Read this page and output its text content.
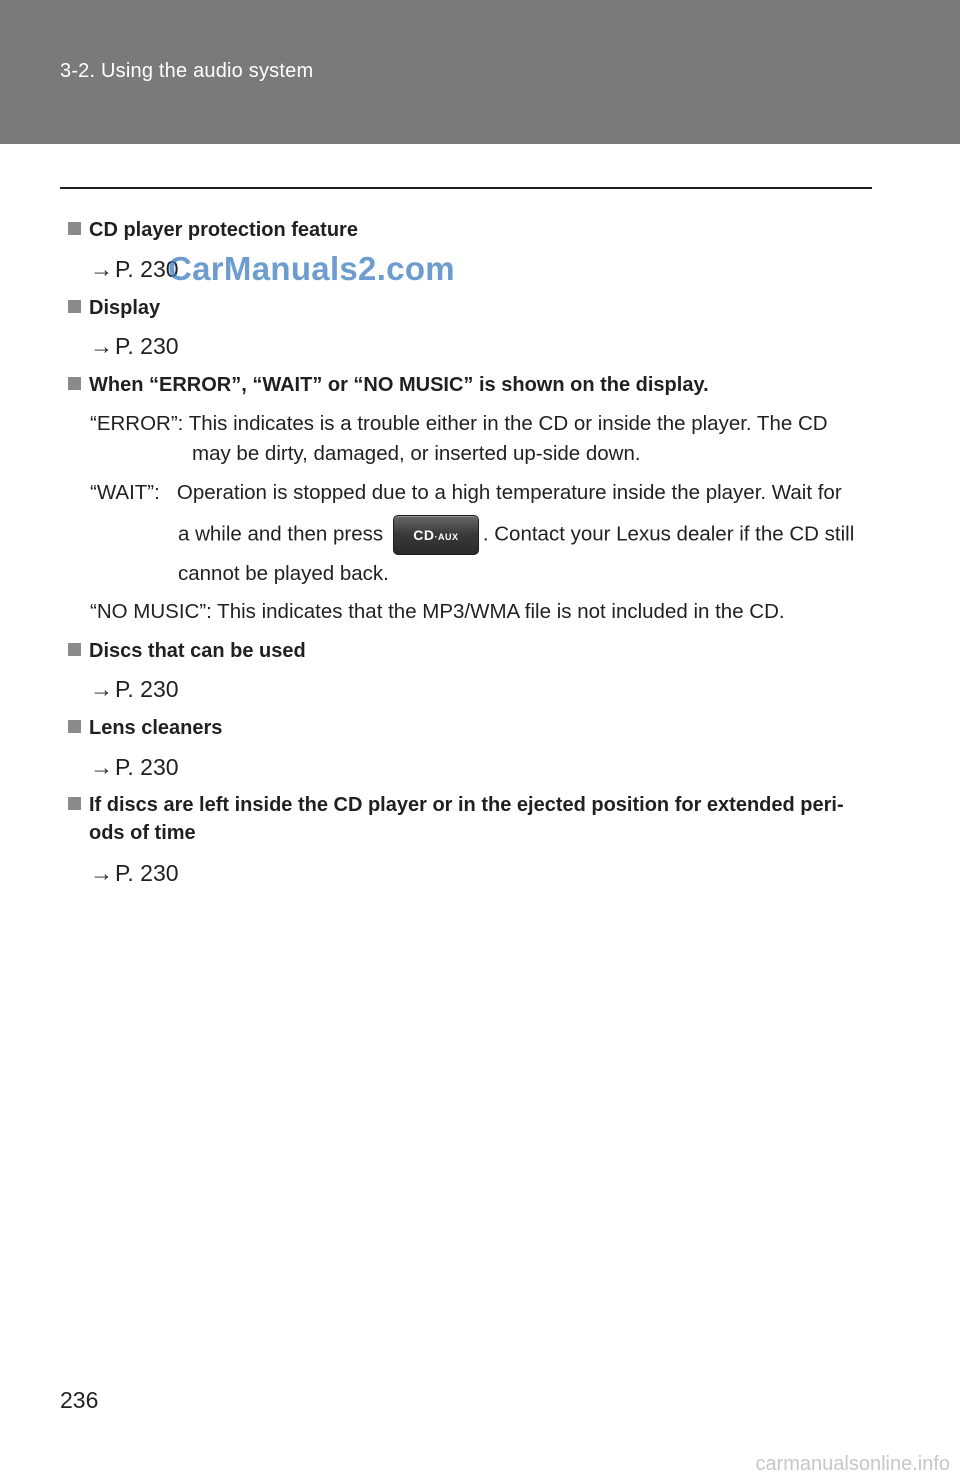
3-2. Using the audio system
CD player protection feature
→P. 230
CarManuals2.com
Display
→P. 230
When “ERROR”, “WAIT” or “NO MUSIC” is shown on the display.
“ERROR”: This indicates is a trouble either in the CD or inside the player. The CD
may be dirty, damaged, or inserted up-side down.
“WAIT”:   Operation is stopped due to a high temperature inside the player. Wait for
a while and then press CD·AUX . Contact your Lexus dealer if the CD still
cannot be played back.
“NO MUSIC”: This indicates that the MP3/WMA file is not included in the CD.
Discs that can be used
→P. 230
Lens cleaners
→P. 230
If discs are left inside the CD player or in the ejected position for extended peri-
ods of time
→P. 230
236
carmanualsonline.info
